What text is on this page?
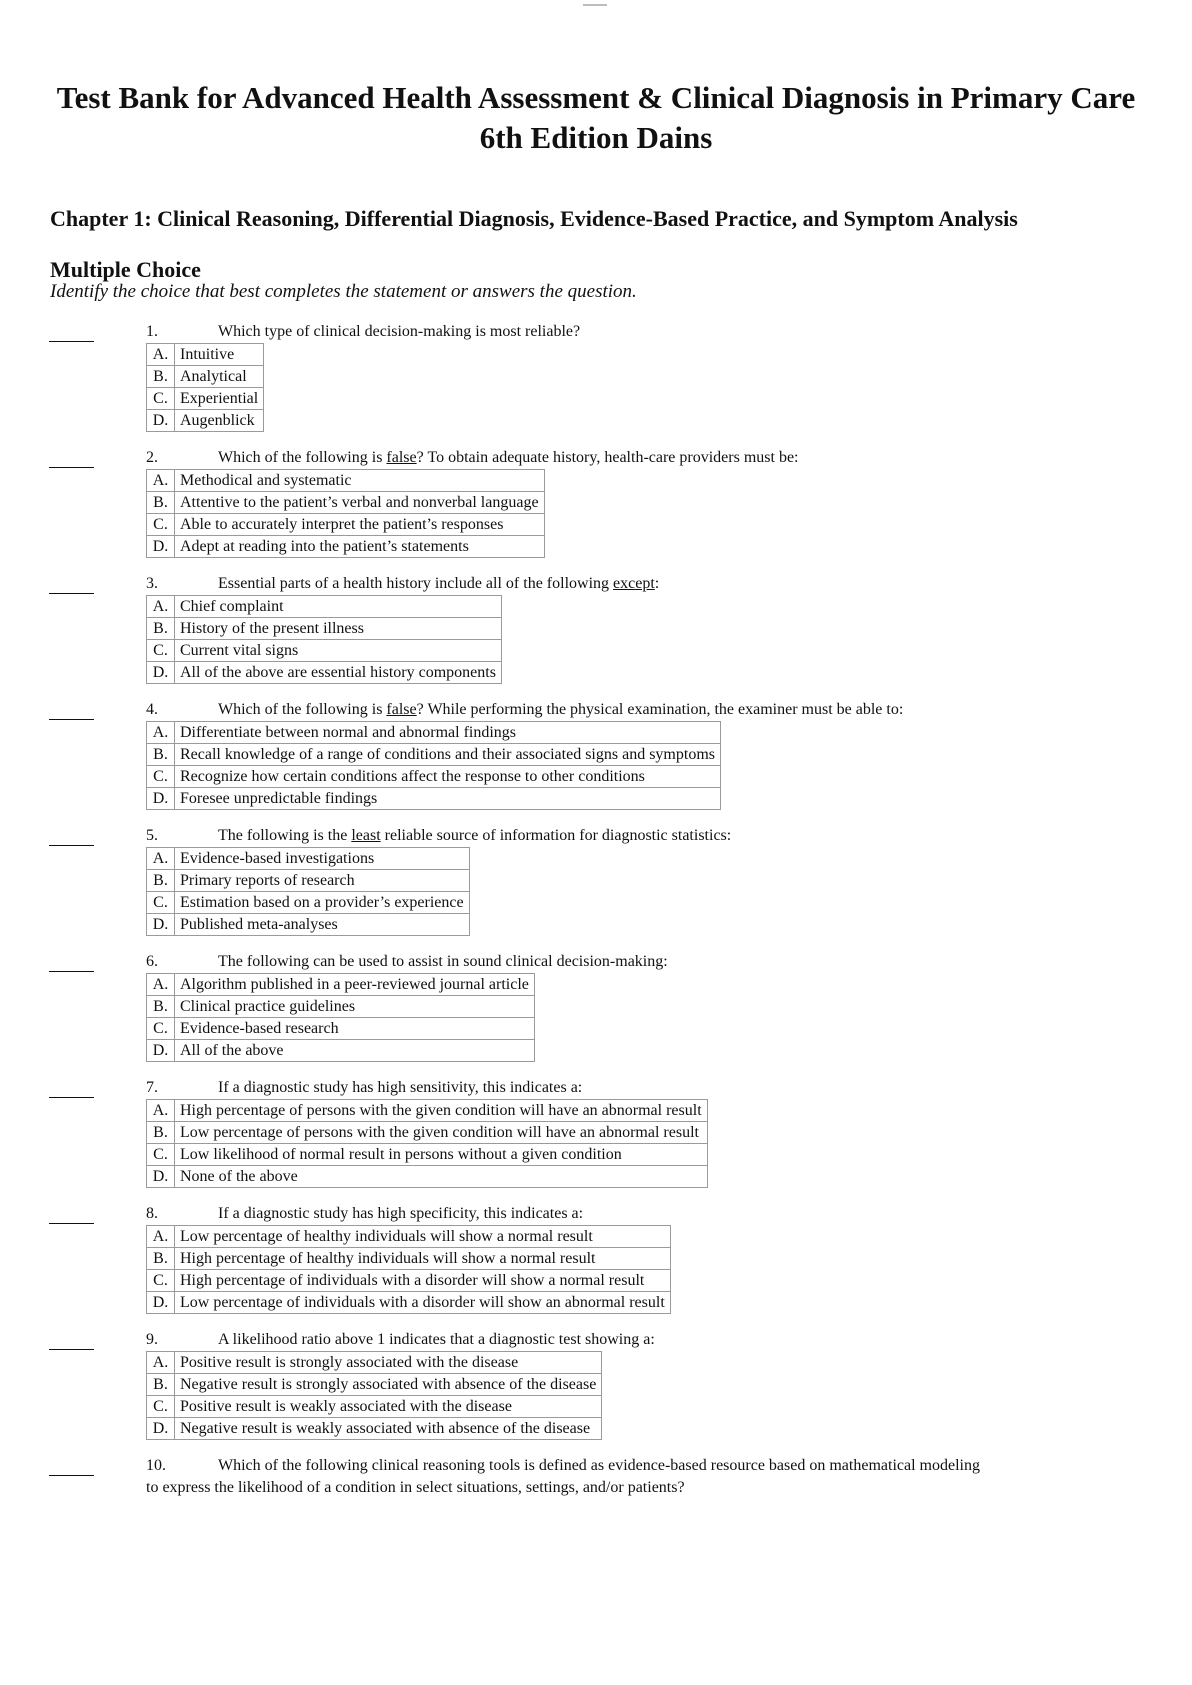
Test Bank for Advanced Health Assessment & Clinical Diagnosis in Primary Care
6th Edition Dains
Chapter 1: Clinical Reasoning, Differential Diagnosis, Evidence-Based Practice, and Symptom Analysis
Multiple Choice
Identify the choice that best completes the statement or answers the question.
1.	Which type of clinical decision-making is most reliable?
A.	Intuitive
B.	Analytical
C.	Experiential
D.	Augenblick
2.	Which of the following is false? To obtain adequate history, health-care providers must be:
A.	Methodical and systematic
B.	Attentive to the patient’s verbal and nonverbal language
C.	Able to accurately interpret the patient’s responses
D.	Adept at reading into the patient’s statements
3.	Essential parts of a health history include all of the following except:
A.	Chief complaint
B.	History of the present illness
C.	Current vital signs
D.	All of the above are essential history components
4.	Which of the following is false? While performing the physical examination, the examiner must be able to:
A.	Differentiate between normal and abnormal findings
B.	Recall knowledge of a range of conditions and their associated signs and symptoms
C.	Recognize how certain conditions affect the response to other conditions
D.	Foresee unpredictable findings
5.	The following is the least reliable source of information for diagnostic statistics:
A.	Evidence-based investigations
B.	Primary reports of research
C.	Estimation based on a provider’s experience
D.	Published meta-analyses
6.	The following can be used to assist in sound clinical decision-making:
A.	Algorithm published in a peer-reviewed journal article
B.	Clinical practice guidelines
C.	Evidence-based research
D.	All of the above
7.	If a diagnostic study has high sensitivity, this indicates a:
A.	High percentage of persons with the given condition will have an abnormal result
B.	Low percentage of persons with the given condition will have an abnormal result
C.	Low likelihood of normal result in persons without a given condition
D.	None of the above
8.	If a diagnostic study has high specificity, this indicates a:
A.	Low percentage of healthy individuals will show a normal result
B.	High percentage of healthy individuals will show a normal result
C.	High percentage of individuals with a disorder will show a normal result
D.	Low percentage of individuals with a disorder will show an abnormal result
9.	A likelihood ratio above 1 indicates that a diagnostic test showing a:
A.	Positive result is strongly associated with the disease
B.	Negative result is strongly associated with absence of the disease
C.	Positive result is weakly associated with the disease
D.	Negative result is weakly associated with absence of the disease
10.	Which of the following clinical reasoning tools is defined as evidence-based resource based on mathematical modeling
to express the likelihood of a condition in select situations, settings, and/or patients?
